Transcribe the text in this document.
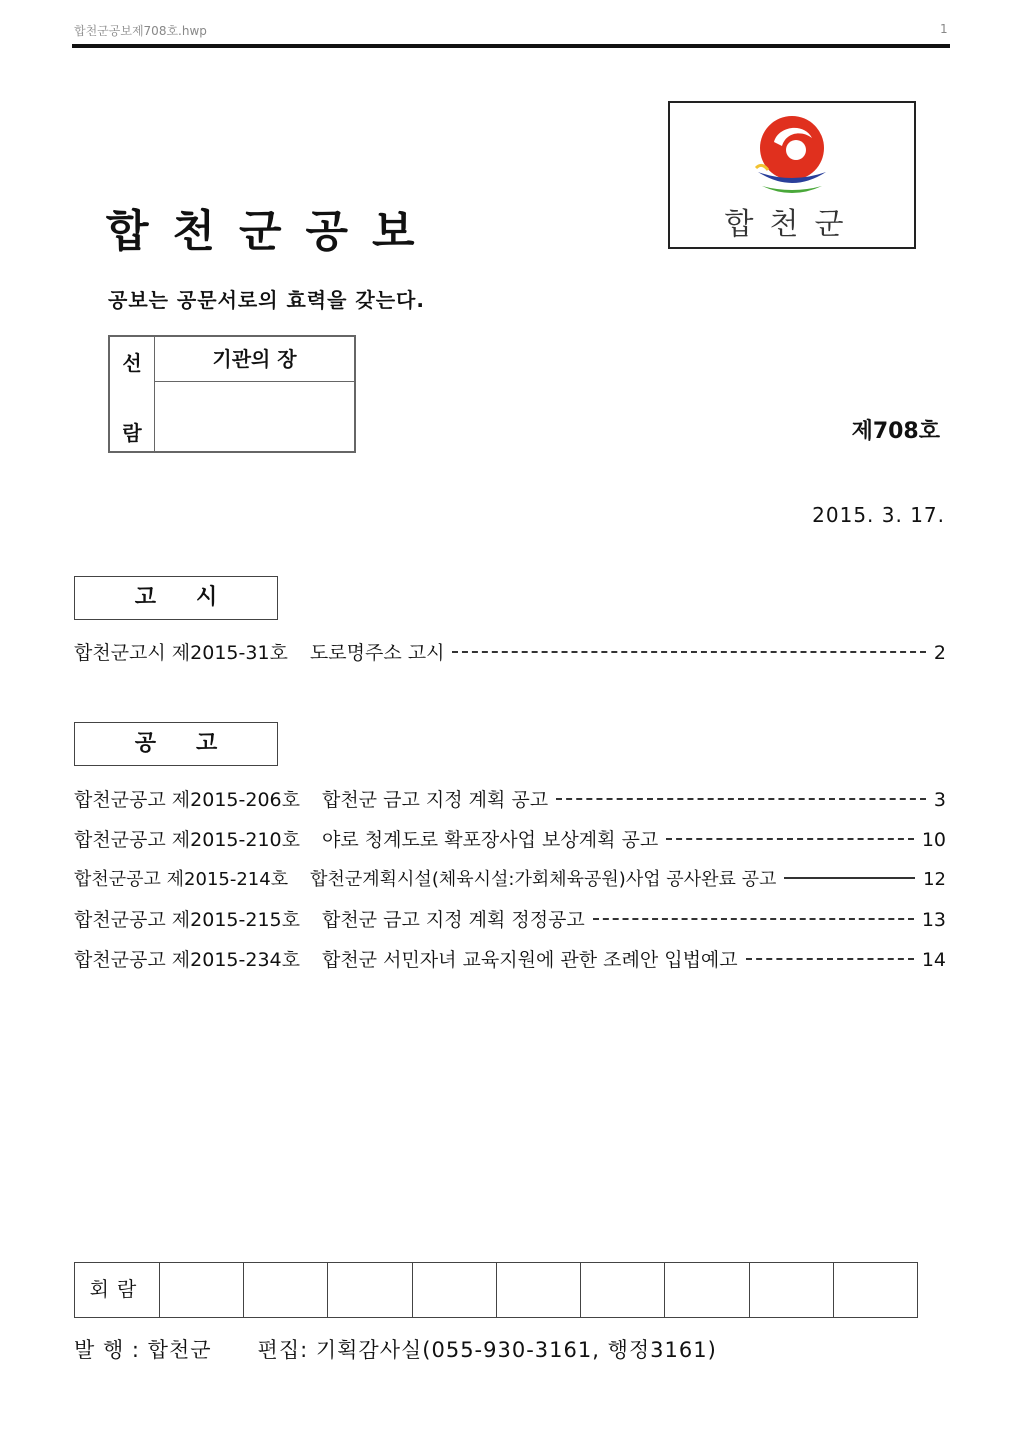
합천군공보제708호.hwp	1
합천군공보
공보는 공문서로의 효력을 갖는다.
합천군
선
람
기관의 장
제708호
2015. 3. 17.
고시
합천군고시 제2015-31호 도로명주소 고시	2
공고
합천군공고 제2015-206호 합천군 금고 지정 계획 공고	3
합천군공고 제2015-210호 야로 청계도로 확포장사업 보상계획 공고	10
합천군공고 제2015-214호 합천군계획시설(체육시설:가회체육공원)사업 공사완료 공고	12
합천군공고 제2015-215호 합천군 금고 지정 계획 정정공고	13
합천군공고 제2015-234호 합천군 서민자녀 교육지원에 관한 조례안 입법예고	14
회람
발 행 : 합천군 편집: 기획감사실(055-930-3161, 행정3161)
